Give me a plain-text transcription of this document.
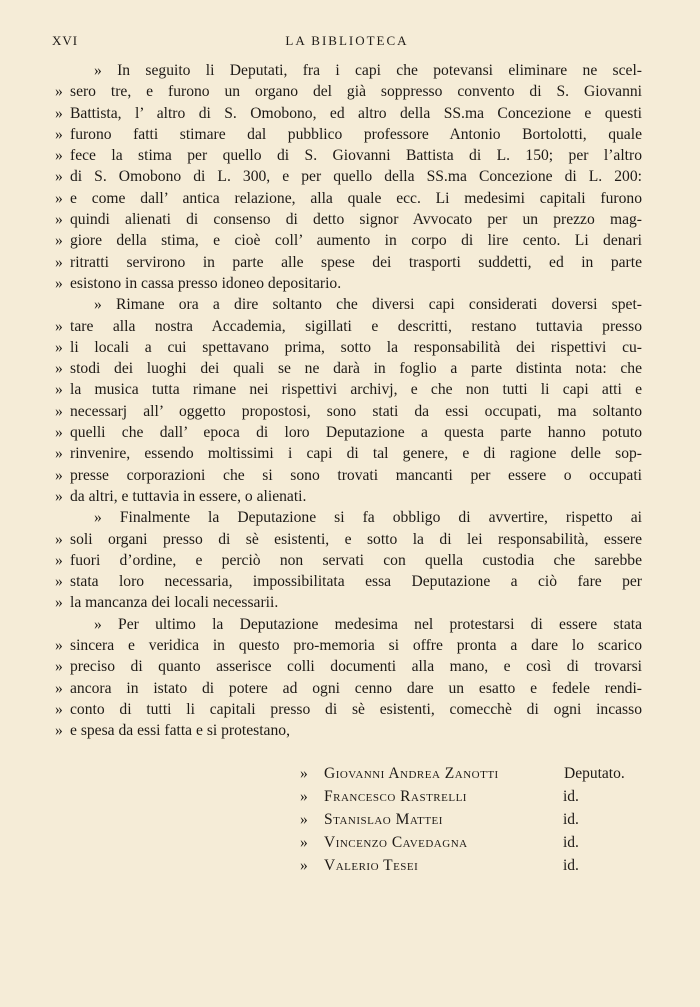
XVI	LA BIBLIOTECA
» In seguito li Deputati, fra i capi che potevansi eliminare ne scel-
» sero tre, e furono un organo del già soppresso convento di S. Giovanni
» Battista, l’ altro di S. Omobono, ed altro della SS.ma Concezione e questi
» furono fatti stimare dal pubblico professore Antonio Bortolotti, quale
» fece la stima per quello di S. Giovanni Battista di L. 150; per l’altro
» di S. Omobono di L. 300, e per quello della SS.ma Concezione di L. 200:
» e come dall’ antica relazione, alla quale ecc. Li medesimi capitali furono
» quindi alienati di consenso di detto signor Avvocato per un prezzo mag-
» giore della stima, e cioè coll’ aumento in corpo di lire cento. Li denari
» ritratti servirono in parte alle spese dei trasporti suddetti, ed in parte
» esistono in cassa presso idoneo depositario.
» Rimane ora a dire soltanto che diversi capi considerati doversi spet-
» tare alla nostra Accademia, sigillati e descritti, restano tuttavia presso
» li locali a cui spettavano prima, sotto la responsabilità dei rispettivi cu-
» stodi dei luoghi dei quali se ne darà in foglio a parte distinta nota: che
» la musica tutta rimane nei rispettivi archivj, e che non tutti li capi atti e
» necessarj all’ oggetto propostosi, sono stati da essi occupati, ma soltanto
» quelli che dall’ epoca di loro Deputazione a questa parte hanno potuto
» rinvenire, essendo moltissimi i capi di tal genere, e di ragione delle sop-
» presse corporazioni che si sono trovati mancanti per essere o occupati
» da altri, e tuttavia in essere, o alienati.
» Finalmente la Deputazione si fa obbligo di avvertire, rispetto ai
» soli organi presso di sè esistenti, e sotto la di lei responsabilità, essere
» fuori d’ordine, e perciò non servati con quella custodia che sarebbe
» stata loro necessaria, impossibilitata essa Deputazione a ciò fare per
» la mancanza dei locali necessarii.
» Per ultimo la Deputazione medesima nel protestarsi di essere stata
» sincera e veridica in questo pro-memoria si offre pronta a dare lo scarico
» preciso di quanto asserisce colli documenti alla mano, e così di trovarsi
» ancora in istato di potere ad ogni cenno dare un esatto e fedele rendi-
» conto di tutti li capitali presso di sè esistenti, comecchè di ogni incasso
» e spesa da essi fatta e si protestano,
» Giovanni Andrea Zanotti	Deputato.
» Francesco Rastrelli	id.
» Stanislao Mattei	id.
» Vincenzo Cavedagna	id.
» Valerio Tesei	id.
